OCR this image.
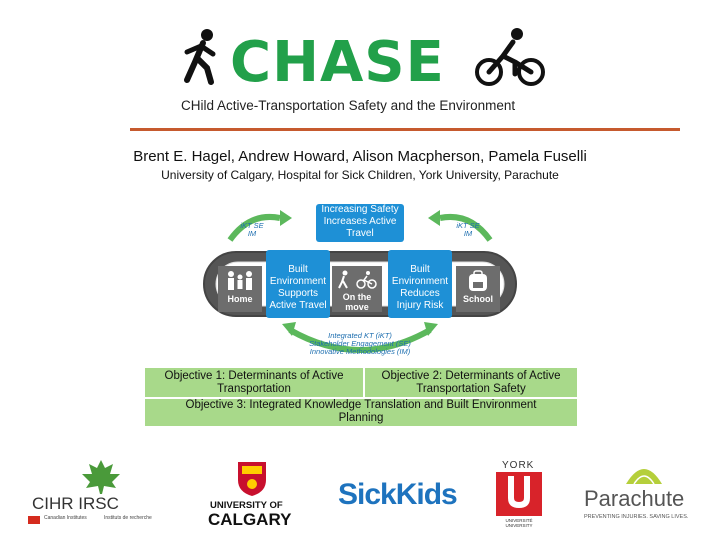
CHASE
CHild Active-Transportation Safety and the Environment
Brent E. Hagel, Andrew Howard, Alison Macpherson, Pamela Fuselli
University of Calgary, Hospital for Sick Children, York University, Parachute
Increasing Safety Increases Active Travel
Built Environment Supports Active Travel
Built Environment Reduces Injury Risk
Home	On the move
School
iKT SE IM
iKT SE IM
Integrated KT (iKT)
Stakeholder Engagement (SE)
Innovative Methodologies (IM)
Objective 1: Determinants of Active Transportation
Objective 2: Determinants of Active Transportation Safety
Objective 3: Integrated Knowledge Translation and Built Environment Planning
CIHR IRSC
Canadian Institutes	Instituts de recherche
UNIVERSITY OF
CALGARY
SickKids
YORK
UNIVERSITÉ UNIVERSITY
Parachute
PREVENTING INJURIES. SAVING LIVES.
